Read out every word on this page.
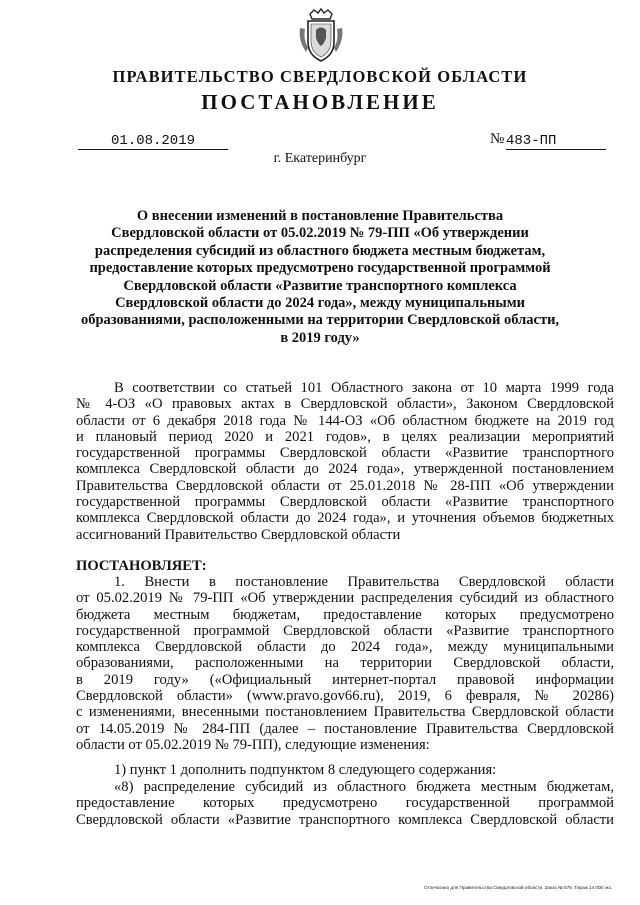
ПРАВИТЕЛЬСТВО СВЕРДЛОВСКОЙ ОБЛАСТИ
ПОСТАНОВЛЕНИЕ
01.08.2019	№ 483-ПП
г. Екатеринбург
О внесении изменений в постановление Правительства
Свердловской области от 05.02.2019 № 79-ПП «Об утверждении
распределения субсидий из областного бюджета местным бюджетам,
предоставление которых предусмотрено государственной программой
Свердловской области «Развитие транспортного комплекса
Свердловской области до 2024 года», между муниципальными
образованиями, расположенными на территории Свердловской области,
в 2019 году»
В соответствии со статьей 101 Областного закона от 10 марта 1999 года
№ 4-ОЗ «О правовых актах в Свердловской области», Законом Свердловской
области от 6 декабря 2018 года № 144-ОЗ «Об областном бюджете на 2019 год
и плановый период 2020 и 2021 годов», в целях реализации мероприятий
государственной программы Свердловской области «Развитие транспортного
комплекса Свердловской области до 2024 года», утвержденной постановлением
Правительства Свердловской области от 25.01.2018 № 28-ПП «Об утверждении
государственной программы Свердловской области «Развитие транспортного
комплекса Свердловской области до 2024 года», и уточнения объемов бюджетных
ассигнований Правительство Свердловской области
ПОСТАНОВЛЯЕТ:
1. Внести в постановление Правительства Свердловской области
от 05.02.2019 № 79-ПП «Об утверждении распределения субсидий из областного
бюджета местным бюджетам, предоставление которых предусмотрено
государственной программой Свердловской области «Развитие транспортного
комплекса Свердловской области до 2024 года», между муниципальными
образованиями, расположенными на территории Свердловской области,
в 2019 году» («Официальный интернет-портал правовой информации
Свердловской области» (www.pravo.gov66.ru), 2019, 6 февраля, № 20286)
с изменениями, внесенными постановлением Правительства Свердловской области
от 14.05.2019 № 284-ПП (далее – постановление Правительства Свердловской
области от 05.02.2019 № 79-ПП), следующие изменения:
1) пункт 1 дополнить подпунктом 8 следующего содержания:
«8) распределение субсидий из областного бюджета местным бюджетам,
предоставление которых предусмотрено государственной программой
Свердловской области «Развитие транспортного комплекса Свердловской области
Отпечатано для Правительства Свердловской области. Заказ № 575. Тираж 14 000 экз.
